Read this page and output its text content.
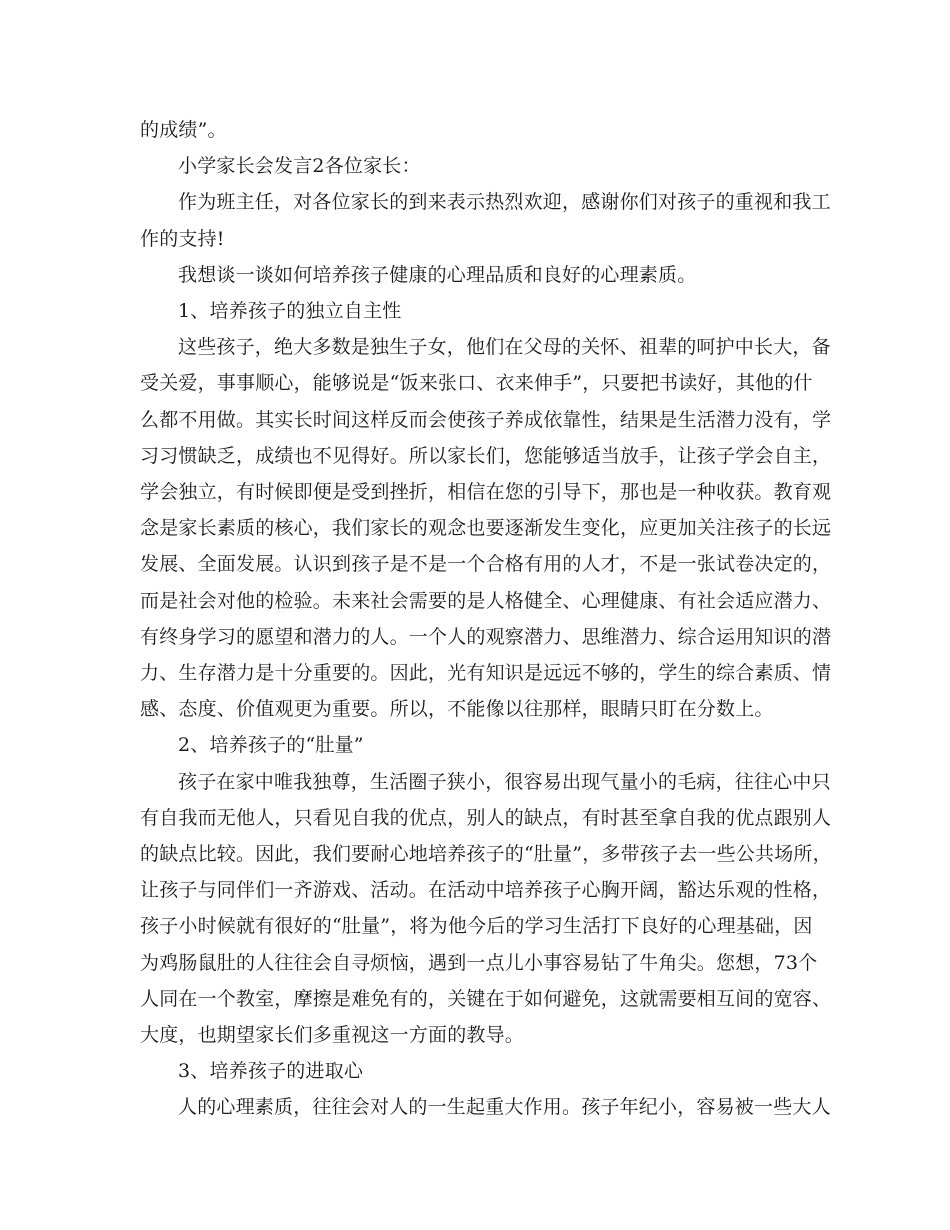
的成绩”。
小学家长会发言2各位家长：
作为班主任，对各位家长的到来表示热烈欢迎，感谢你们对孩子的重视和我工
作的支持!
我想谈一谈如何培养孩子健康的心理品质和良好的心理素质。
1、培养孩子的独立自主性
这些孩子，绝大多数是独生子女，他们在父母的关怀、祖辈的呵护中长大，备
受关爱，事事顺心，能够说是“饭来张口、衣来伸手”，只要把书读好，其他的什
么都不用做。其实长时间这样反而会使孩子养成依靠性，结果是生活潜力没有，学
习习惯缺乏，成绩也不见得好。所以家长们，您能够适当放手，让孩子学会自主，
学会独立，有时候即便是受到挫折，相信在您的引导下，那也是一种收获。教育观
念是家长素质的核心，我们家长的观念也要逐渐发生变化，应更加关注孩子的长远
发展、全面发展。认识到孩子是不是一个合格有用的人才，不是一张试卷决定的，
而是社会对他的检验。未来社会需要的是人格健全、心理健康、有社会适应潜力、
有终身学习的愿望和潜力的人。一个人的观察潜力、思维潜力、综合运用知识的潜
力、生存潜力是十分重要的。因此，光有知识是远远不够的，学生的综合素质、情
感、态度、价值观更为重要。所以，不能像以往那样，眼睛只盯在分数上。
2、培养孩子的“肚量”
孩子在家中唯我独尊，生活圈子狭小，很容易出现气量小的毛病，往往心中只
有自我而无他人，只看见自我的优点，别人的缺点，有时甚至拿自我的优点跟别人
的缺点比较。因此，我们要耐心地培养孩子的“肚量”，多带孩子去一些公共场所，
让孩子与同伴们一齐游戏、活动。在活动中培养孩子心胸开阔，豁达乐观的性格，
孩子小时候就有很好的“肚量”，将为他今后的学习生活打下良好的心理基础，因
为鸡肠鼠肚的人往往会自寻烦恼，遇到一点儿小事容易钻了牛角尖。您想，73个
人同在一个教室，摩擦是难免有的，关键在于如何避免，这就需要相互间的宽容、
大度，也期望家长们多重视这一方面的教导。
3、培养孩子的进取心
人的心理素质，往往会对人的一生起重大作用。孩子年纪小，容易被一些大人
